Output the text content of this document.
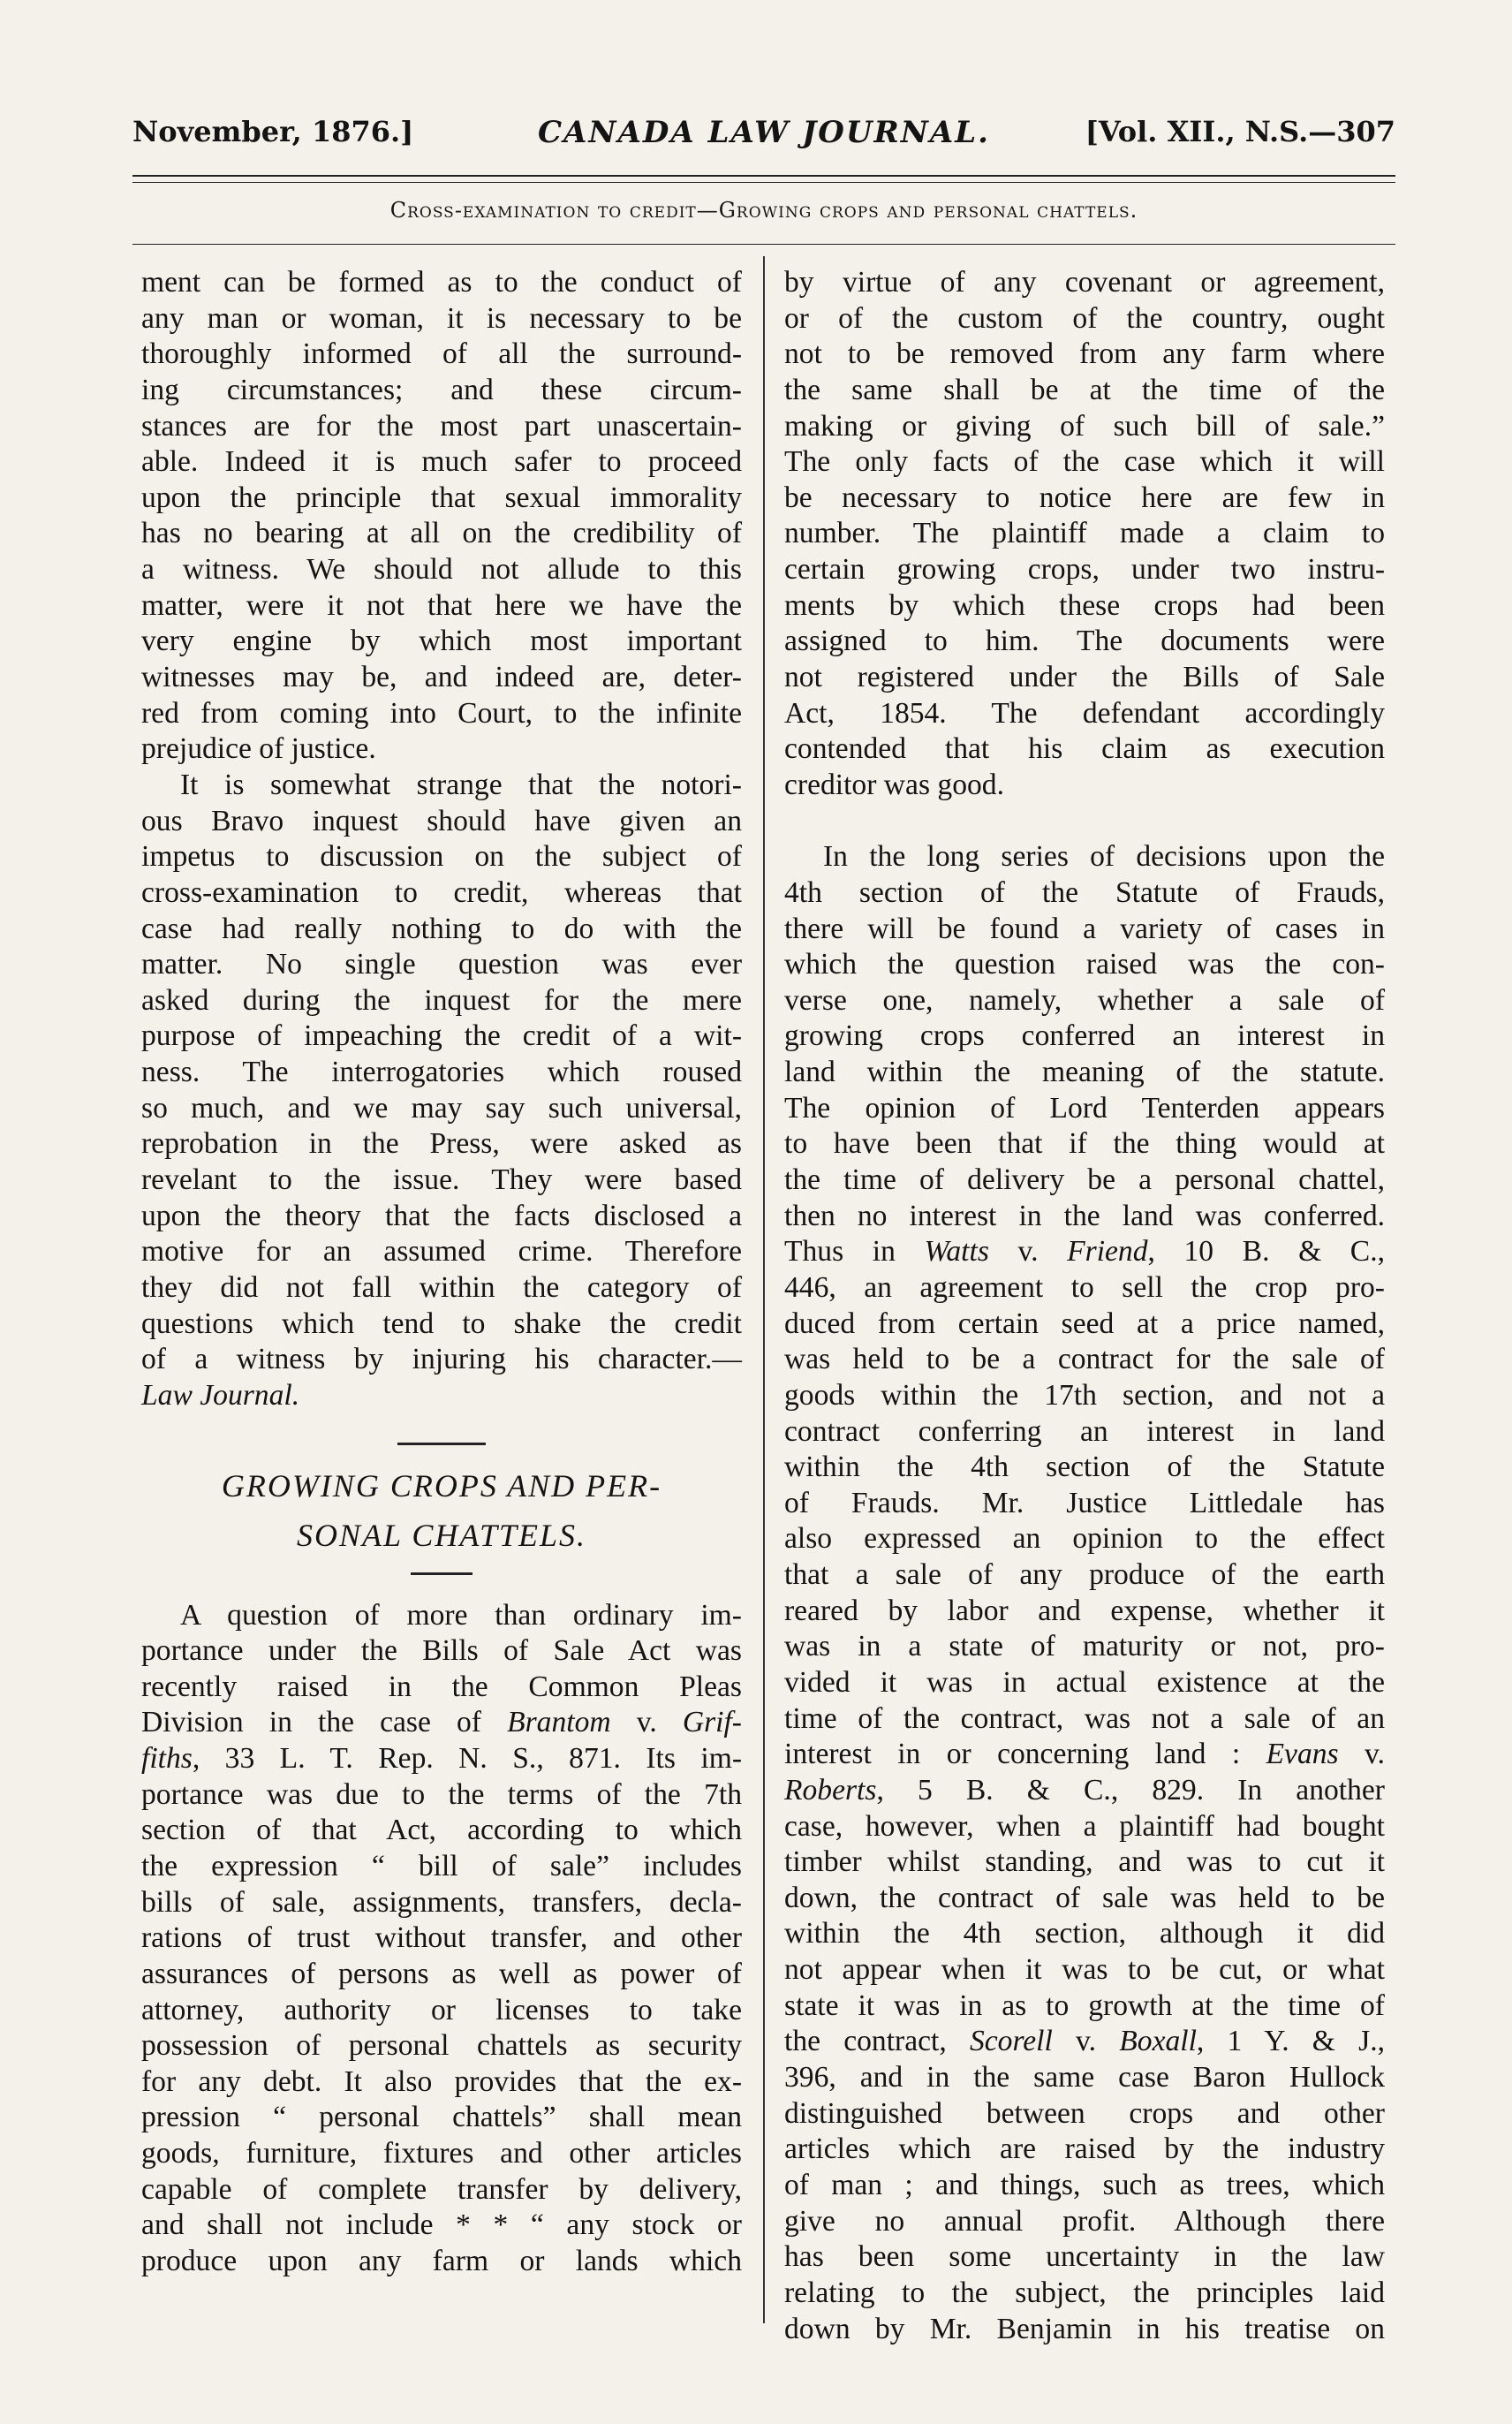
November, 1876.]	CANADA LAW JOURNAL.	[Vol. XII., N.S.—307
Cross-examination to credit—Growing crops and personal chattels.
ment can be formed as to the conduct of
any man or woman, it is necessary to be
thoroughly informed of all the surround-
ing circumstances; and these circum-
stances are for the most part unascertain-
able. Indeed it is much safer to proceed
upon the principle that sexual immorality
has no bearing at all on the credibility of
a witness. We should not allude to this
matter, were it not that here we have the
very engine by which most important
witnesses may be, and indeed are, deter-
red from coming into Court, to the infinite
prejudice of justice.
It is somewhat strange that the notori-
ous Bravo inquest should have given an
impetus to discussion on the subject of
cross-examination to credit, whereas that
case had really nothing to do with the
matter. No single question was ever
asked during the inquest for the mere
purpose of impeaching the credit of a wit-
ness. The interrogatories which roused
so much, and we may say such universal,
reprobation in the Press, were asked as
revelant to the issue. They were based
upon the theory that the facts disclosed a
motive for an assumed crime. Therefore
they did not fall within the category of
questions which tend to shake the credit
of a witness by injuring his character.—
Law Journal.
GROWING CROPS AND PER-
SONAL CHATTELS.
A question of more than ordinary im-
portance under the Bills of Sale Act was
recently raised in the Common Pleas
Division in the case of Brantom v. Grif-
fiths, 33 L. T. Rep. N. S., 871. Its im-
portance was due to the terms of the 7th
section of that Act, according to which
the expression “ bill of sale” includes
bills of sale, assignments, transfers, decla-
rations of trust without transfer, and other
assurances of persons as well as power of
attorney, authority or licenses to take
possession of personal chattels as security
for any debt. It also provides that the ex-
pression “ personal chattels” shall mean
goods, furniture, fixtures and other articles
capable of complete transfer by delivery,
and shall not include * * “ any stock or
produce upon any farm or lands which
by virtue of any covenant or agreement,
or of the custom of the country, ought
not to be removed from any farm where
the same shall be at the time of the
making or giving of such bill of sale.”
The only facts of the case which it will
be necessary to notice here are few in
number. The plaintiff made a claim to
certain growing crops, under two instru-
ments by which these crops had been
assigned to him. The documents were
not registered under the Bills of Sale
Act, 1854. The defendant accordingly
contended that his claim as execution
creditor was good.
In the long series of decisions upon the
4th section of the Statute of Frauds,
there will be found a variety of cases in
which the question raised was the con-
verse one, namely, whether a sale of
growing crops conferred an interest in
land within the meaning of the statute.
The opinion of Lord Tenterden appears
to have been that if the thing would at
the time of delivery be a personal chattel,
then no interest in the land was conferred.
Thus in Watts v. Friend, 10 B. & C.,
446, an agreement to sell the crop pro-
duced from certain seed at a price named,
was held to be a contract for the sale of
goods within the 17th section, and not a
contract conferring an interest in land
within the 4th section of the Statute
of Frauds. Mr. Justice Littledale has
also expressed an opinion to the effect
that a sale of any produce of the earth
reared by labor and expense, whether it
was in a state of maturity or not, pro-
vided it was in actual existence at the
time of the contract, was not a sale of an
interest in or concerning land : Evans v.
Roberts, 5 B. & C., 829. In another
case, however, when a plaintiff had bought
timber whilst standing, and was to cut it
down, the contract of sale was held to be
within the 4th section, although it did
not appear when it was to be cut, or what
state it was in as to growth at the time of
the contract, Scorell v. Boxall, 1 Y. & J.,
396, and in the same case Baron Hullock
distinguished between crops and other
articles which are raised by the industry
of man ; and things, such as trees, which
give no annual profit. Although there
has been some uncertainty in the law
relating to the subject, the principles laid
down by Mr. Benjamin in his treatise on
